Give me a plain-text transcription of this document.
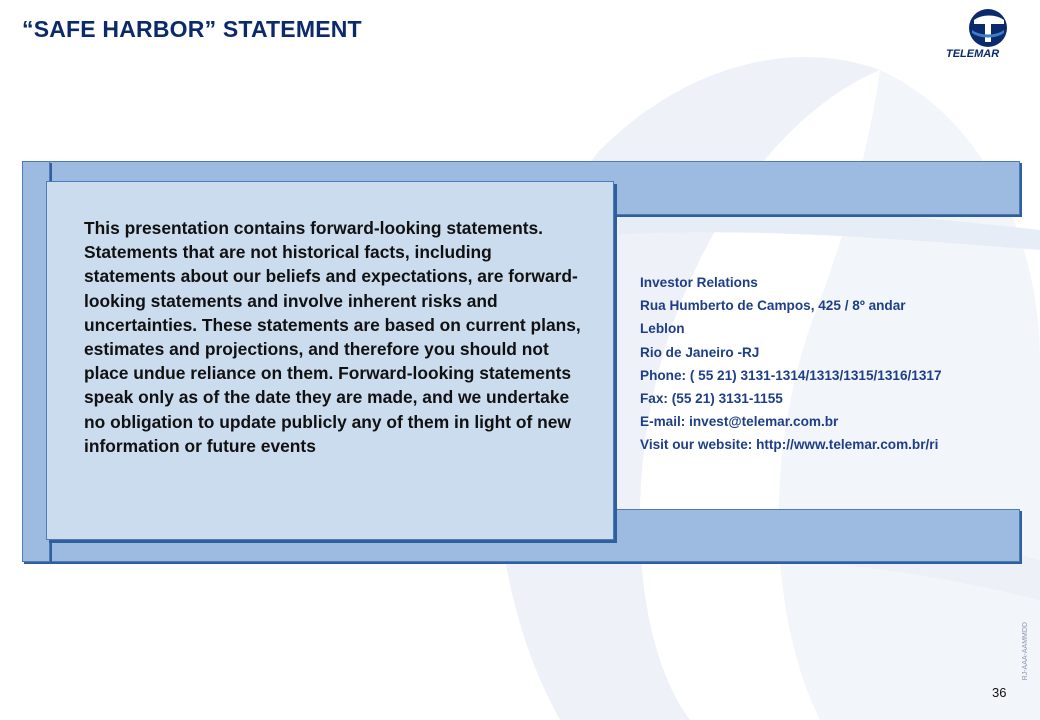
“SAFE HARBOR” STATEMENT
TELEMAR
This presentation contains forward-looking statements. Statements that are not historical facts, including statements about our beliefs and expectations, are forward-looking statements and involve inherent risks and uncertainties. These statements are based on current plans, estimates and projections, and therefore you should not place undue reliance on them. Forward-looking statements speak only as of the date they are made, and we undertake no obligation to update publicly any of them in light of new information or future events
Investor Relations
Rua Humberto de Campos, 425 / 8º andar
Leblon
Rio de Janeiro -RJ
Phone: ( 55 21) 3131-1314/1313/1315/1316/1317
Fax: (55 21) 3131-1155
E-mail: invest@telemar.com.br
Visit our website: http://www.telemar.com.br/ri
RJ-AAA-AAMMDD
36
